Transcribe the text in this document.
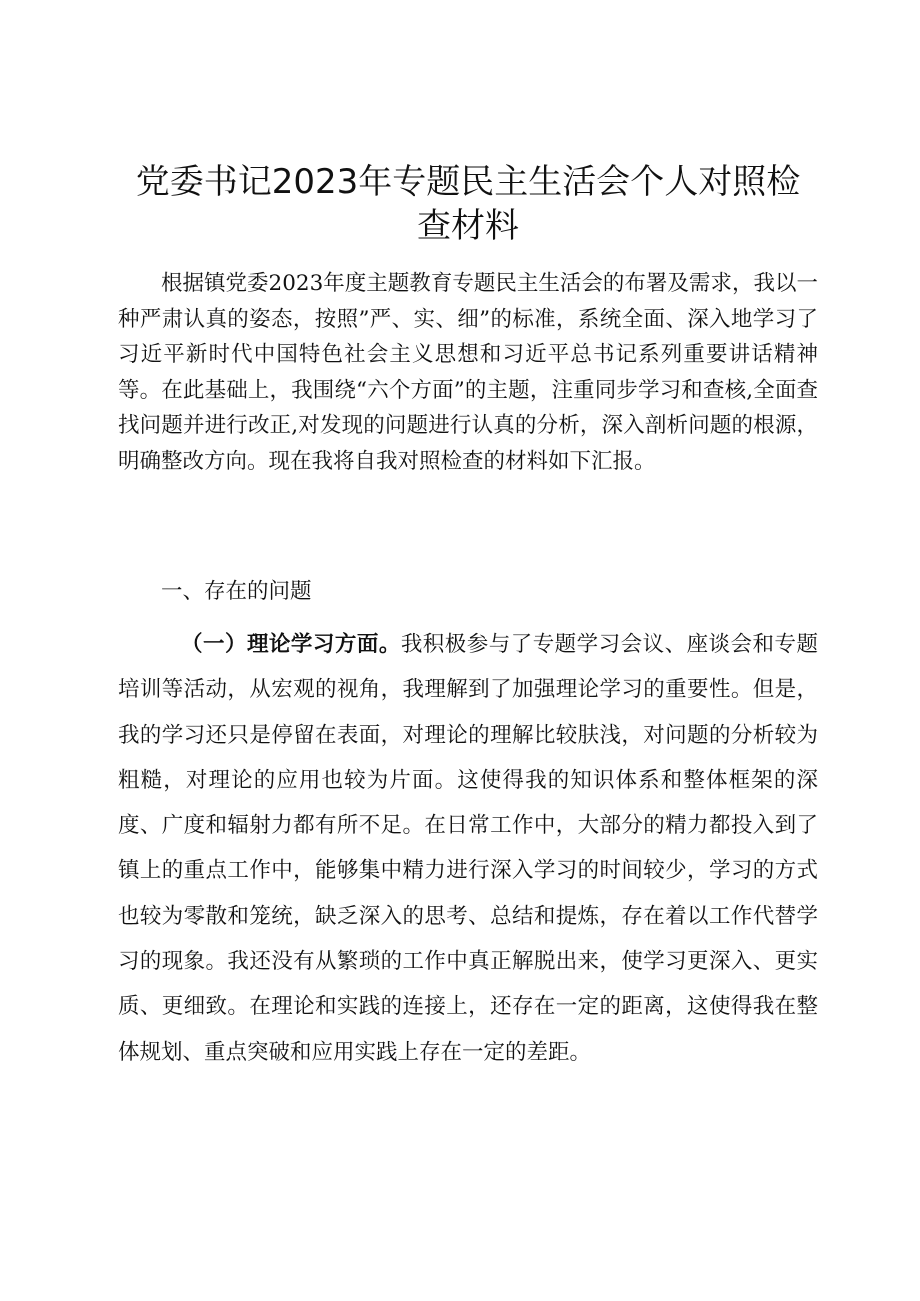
党委书记2023年专题民主生活会个人对照检
查材料

根据镇党委2023年度主题教育专题民主生活会的布署及需求，我以一种严肃认真的姿态，按照”严、实、细”的标准，系统全面、深入地学习了习近平新时代中国特色社会主义思想和习近平总书记系列重要讲话精神等。在此基础上，我围绕“六个方面”的主题，注重同步学习和查核,全面查找问题并进行改正,对发现的问题进行认真的分析，深入剖析问题的根源，明确整改方向。现在我将自我对照检查的材料如下汇报。

一、存在的问题

（一）理论学习方面。我积极参与了专题学习会议、座谈会和专题培训等活动，从宏观的视角，我理解到了加强理论学习的重要性。但是，我的学习还只是停留在表面，对理论的理解比较肤浅，对问题的分析较为粗糙，对理论的应用也较为片面。这使得我的知识体系和整体框架的深度、广度和辐射力都有所不足。在日常工作中，大部分的精力都投入到了镇上的重点工作中，能够集中精力进行深入学习的时间较少，学习的方式也较为零散和笼统，缺乏深入的思考、总结和提炼，存在着以工作代替学习的现象。我还没有从繁琐的工作中真正解脱出来，使学习更深入、更实质、更细致。在理论和实践的连接上，还存在一定的距离，这使得我在整体规划、重点突破和应用实践上存在一定的差距。
